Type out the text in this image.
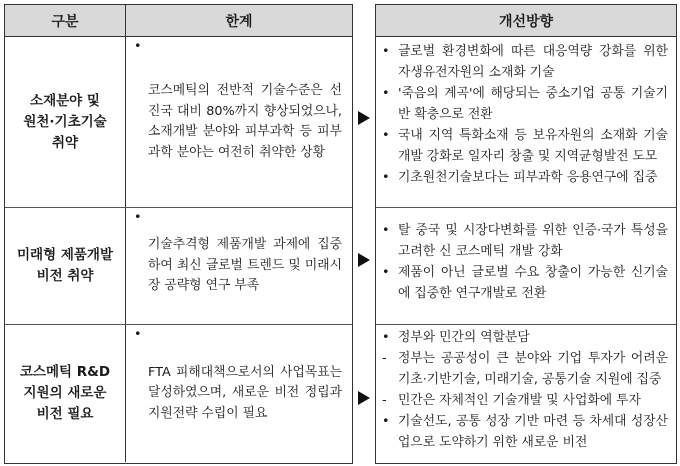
구분	한계
소재분야 및
원천·기초기술
취약
•
코스메틱의 전반적 기술수준은 선진국 대비 80%까지 향상되었으나, 소재개발 분야와 피부과학 등 피부과학 분야는 여전히 취약한 상황
미래형 제품개발
비전 취약
•
기술추격형 제품개발 과제에 집중하여 최신 글로벌 트렌드 및 미래시장 공략형 연구 부족
코스메틱 R&D
지원의 새로운
비전 필요
•
FTA 피해대책으로서의 사업목표는 달성하였으며, 새로운 비전 정립과 지원전략 수립이 필요
개선방향
• 글로벌 환경변화에 따른 대응역량 강화를 위한 자생유전자원의 소재화 기술
• '죽음의 계곡'에 해당되는 중소기업 공통 기술기반 확충으로 전환
• 국내 지역 특화소재 등 보유자원의 소재화 기술개발 강화로 일자리 창출 및 지역균형발전 도모
• 기초원천기술보다는 피부과학 응용연구에 집중
• 탈 중국 및 시장다변화를 위한 인증·국가 특성을 고려한 신 코스메틱 개발 강화
• 제품이 아닌 글로벌 수요 창출이 가능한 신기술에 집중한 연구개발로 전환
• 정부와 민간의 역할분담
- 정부는 공공성이 큰 분야와 기업 투자가 어려운 기초·기반기술, 미래기술, 공통기술 지원에 집중
- 민간은 자체적인 기술개발 및 사업화에 투자
• 기술선도, 공통 성장 기반 마련 등 차세대 성장산업으로 도약하기 위한 새로운 비전
